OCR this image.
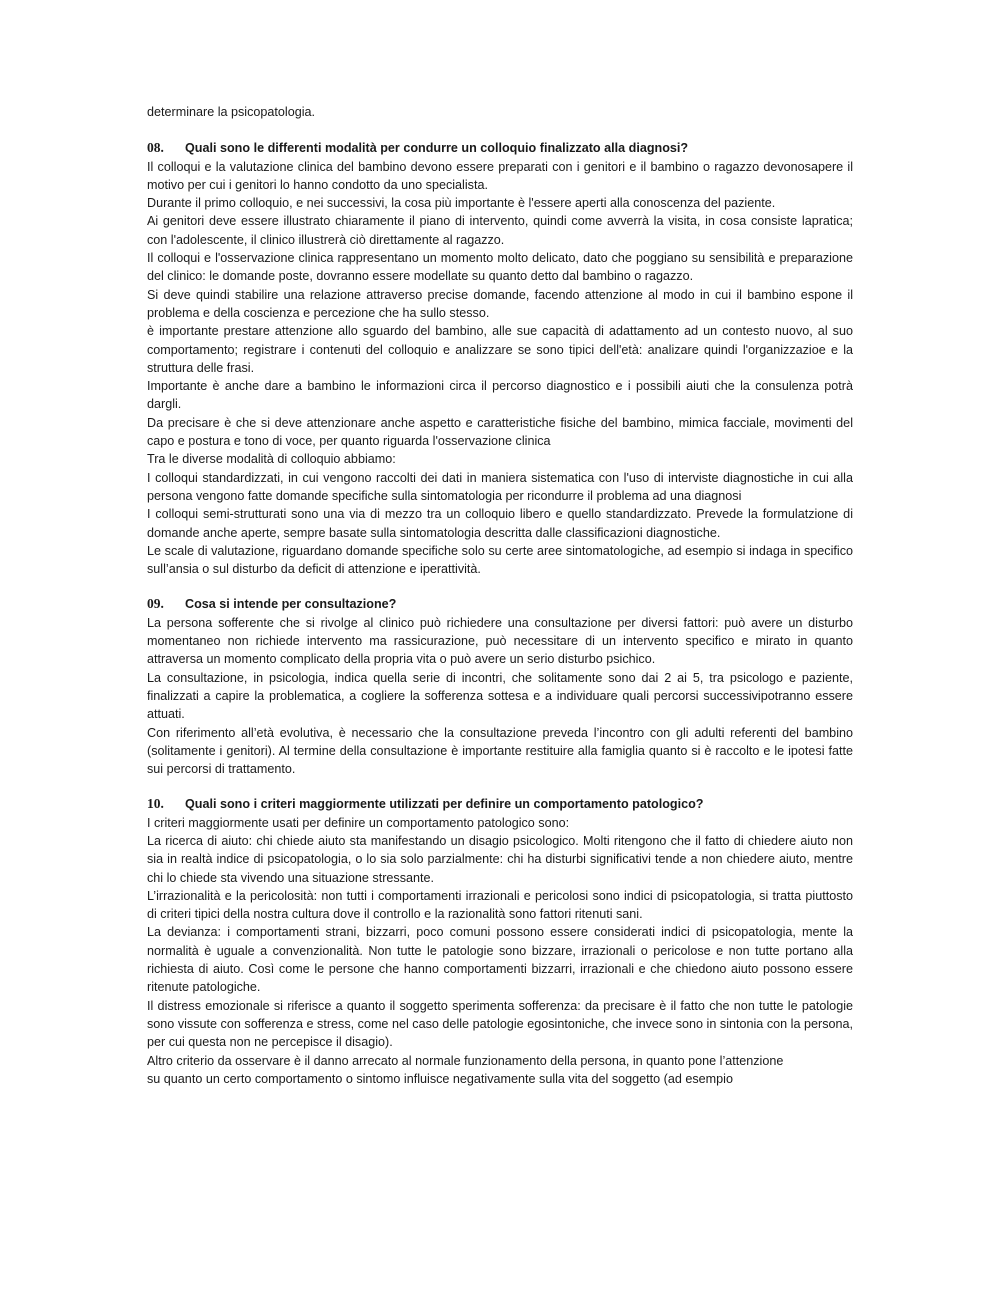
determinare la psicopatologia.

08.	Quali sono le differenti modalità per condurre un colloquio finalizzato alla diagnosi?

Il colloqui e la valutazione clinica del bambino devono essere preparati con i genitori e il bambino o ragazzo devonosapere il motivo per cui i genitori lo hanno condotto da uno specialista.

Durante il primo colloquio, e nei successivi, la cosa più importante è l'essere aperti alla conoscenza del paziente.

Ai genitori deve essere illustrato chiaramente il piano di intervento, quindi come avverrà la visita, in cosa consiste lapratica; con l'adolescente, il clinico illustrerà ciò direttamente al ragazzo.

Il colloqui e l'osservazione clinica rappresentano un momento molto delicato, dato che poggiano su sensibilità e preparazione del clinico: le domande poste, dovranno essere modellate su quanto detto dal bambino o ragazzo.

Si deve quindi stabilire una relazione attraverso precise domande, facendo attenzione al modo in cui il bambino espone il problema e della coscienza e percezione che ha sullo stesso.

è importante prestare attenzione allo sguardo del bambino, alle sue capacità di adattamento ad un contesto nuovo, al suo comportamento; registrare i contenuti del colloquio e analizzare se sono tipici dell'età: analizare quindi l'organizzazioe e la struttura delle frasi.

Importante è anche dare a bambino le informazioni circa il percorso diagnostico e i possibili aiuti che la consulenza potrà dargli.

Da precisare è che si deve attenzionare anche aspetto e caratteristiche fisiche del bambino, mimica facciale, movimenti del capo e postura e tono di voce, per quanto riguarda l'osservazione clinica

Tra le diverse modalità di colloquio abbiamo:

I colloqui standardizzati, in cui vengono raccolti dei dati in maniera sistematica con l'uso di interviste diagnostiche in cui alla persona vengono fatte domande specifiche sulla sintomatologia per ricondurre il problema ad una diagnosi

I colloqui semi-strutturati sono una via di mezzo tra un colloquio libero e quello standardizzato. Prevede la formulatzione di domande anche aperte, sempre basate sulla sintomatologia descritta dalle classificazioni diagnostiche.

Le scale di valutazione, riguardano domande specifiche solo su certe aree sintomatologiche, ad esempio si indaga in specifico sull’ansia o sul disturbo da deficit di attenzione e iperattività.

09.	Cosa si intende per consultazione?

La persona sofferente che si rivolge al clinico può richiedere una consultazione per diversi fattori: può avere un disturbo momentaneo non richiede intervento ma rassicurazione, può necessitare di un intervento specifico e mirato in quanto attraversa un momento complicato della propria vita o può avere un serio disturbo psichico.

La consultazione, in psicologia, indica quella serie di incontri, che solitamente sono dai 2 ai 5, tra psicologo e paziente, finalizzati a capire la problematica, a cogliere la sofferenza sottesa e a individuare quali percorsi successivipotranno essere attuati.

Con riferimento all’età evolutiva, è necessario che la consultazione preveda l’incontro con gli adulti referenti del bambino (solitamente i genitori). Al termine della consultazione è importante restituire alla famiglia quanto si è raccolto e le ipotesi fatte sui percorsi di trattamento.

10.	Quali sono i criteri maggiormente utilizzati per definire un comportamento patologico?

I criteri maggiormente usati per definire un comportamento patologico sono:

La ricerca di aiuto: chi chiede aiuto sta manifestando un disagio psicologico. Molti ritengono che il fatto di chiedere aiuto non sia in realtà indice di psicopatologia, o lo sia solo parzialmente: chi ha disturbi significativi tende a non chiedere aiuto, mentre chi lo chiede sta vivendo una situazione stressante.

L’irrazionalità e la pericolosità: non tutti i comportamenti irrazionali e pericolosi sono indici di psicopatologia, si tratta piuttosto di criteri tipici della nostra cultura dove il controllo e la razionalità sono fattori ritenuti sani.

La devianza: i comportamenti strani, bizzarri, poco comuni possono essere considerati indici di psicopatologia, mente la normalità è uguale a convenzionalità. Non tutte le patologie sono bizzare, irrazionali o pericolose e non tutte portano alla richiesta di aiuto. Così come le persone che hanno comportamenti bizzarri, irrazionali e che chiedono aiuto possono essere ritenute patologiche.

Il distress emozionale si riferisce a quanto il soggetto sperimenta sofferenza: da precisare è il fatto che non tutte le patologie sono vissute con sofferenza e stress, come nel caso delle patologie egosintoniche, che invece sono in sintonia con la persona, per cui questa non ne percepisce il disagio).

Altro criterio da osservare è il danno arrecato al normale funzionamento della persona, in quanto pone l’attenzione

su quanto un certo comportamento o sintomo influisce negativamente sulla vita del soggetto (ad esempio
